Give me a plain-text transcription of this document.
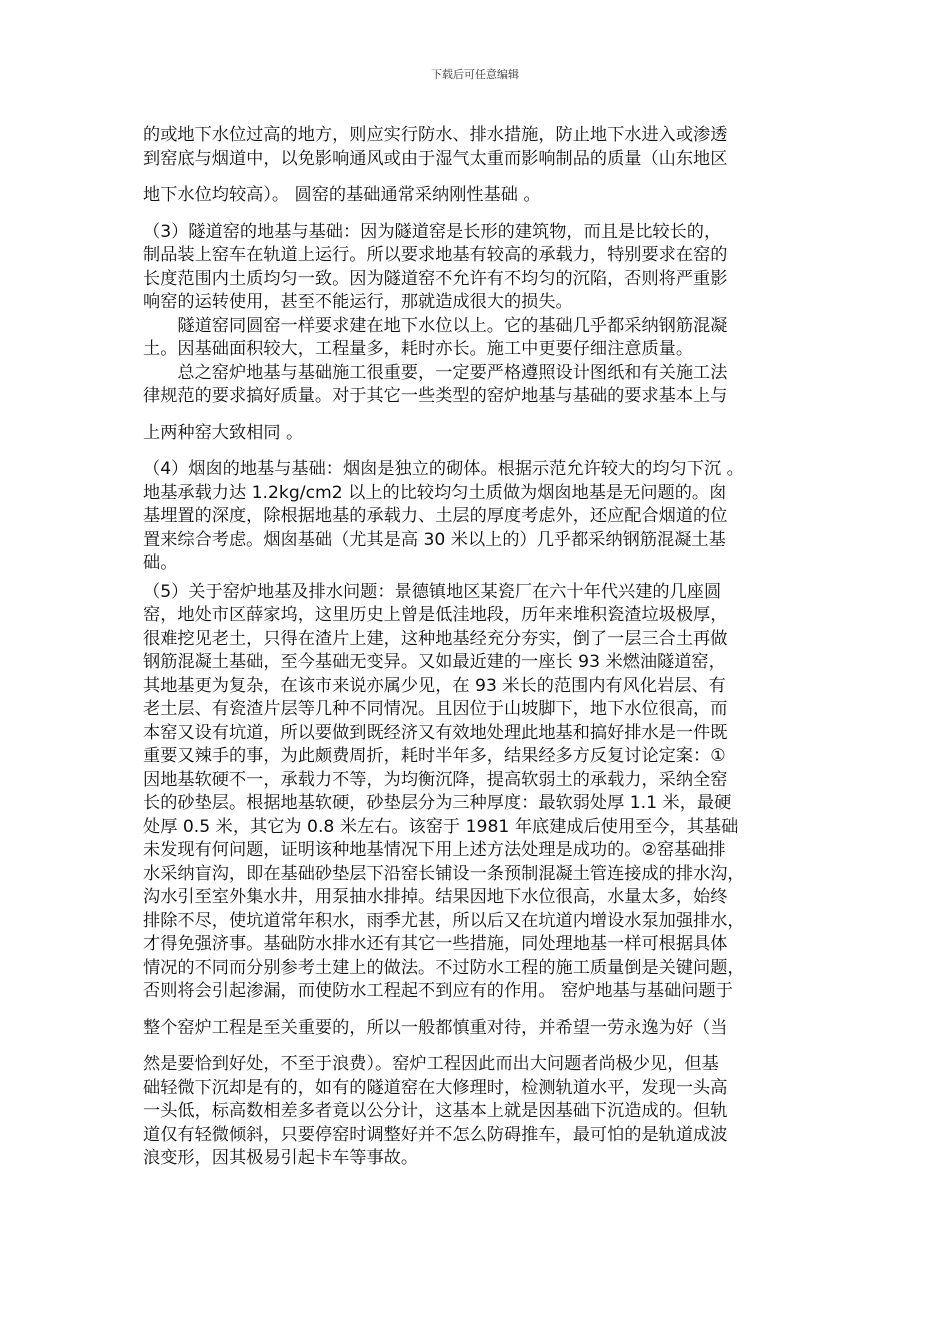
下载后可任意编辑
的或地下水位过高的地方，则应实行防水、排水措施，防止地下水进入或渗透
到窑底与烟道中，以免影响通风或由于湿气太重而影响制品的质量（山东地区
地下水位均较高）。 圆窑的基础通常采纳刚性基础 。
（3）隧道窑的地基与基础：因为隧道窑是长形的建筑物，而且是比较长的，
制品装上窑车在轨道上运行。所以要求地基有较高的承载力，特别要求在窑的
长度范围内土质均匀一致。因为隧道窑不允许有不均匀的沉陷，否则将严重影
响窑的运转使用，甚至不能运行，那就造成很大的损失。
　　隧道窑同圆窑一样要求建在地下水位以上。它的基础几乎都采纳钢筋混凝
土。因基础面积较大，工程量多，耗时亦长。施工中更要仔细注意质量。
　　总之窑炉地基与基础施工很重要，一定要严格遵照设计图纸和有关施工法
律规范的要求搞好质量。对于其它一些类型的窑炉地基与基础的要求基本上与
上两种窑大致相同 。
（4）烟囱的地基与基础：烟囱是独立的砌体。根据示范允许较大的均匀下沉 。
地基承载力达 1.2kg/cm2 以上的比较均匀土质做为烟囱地基是无问题的。囱
基埋置的深度，除根据地基的承载力、土层的厚度考虑外，还应配合烟道的位
置来综合考虑。烟囱基础（尤其是高 30 米以上的）几乎都采纳钢筋混凝土基
础。
（5）关于窑炉地基及排水问题：景德镇地区某瓷厂在六十年代兴建的几座圆
窑，地处市区薛家坞，这里历史上曾是低洼地段，历年来堆积瓷渣垃圾极厚，
很难挖见老土，只得在渣片上建，这种地基经充分夯实，倒了一层三合土再做
钢筋混凝土基础，至今基础无变异。又如最近建的一座长 93 米燃油隧道窑，
其地基更为复杂，在该市来说亦属少见，在 93 米长的范围内有风化岩层、有
老土层、有瓷渣片层等几种不同情况。且因位于山坡脚下，地下水位很高，而
本窑又设有坑道，所以要做到既经济又有效地处理此地基和搞好排水是一件既
重要又辣手的事，为此颇费周折，耗时半年多，结果经多方反复讨论定案：①
因地基软硬不一，承载力不等，为均衡沉降，提高软弱土的承载力，采纳全窑
长的砂垫层。根据地基软硬，砂垫层分为三种厚度：最软弱处厚 1.1 米，最硬
处厚 0.5 米，其它为 0.8 米左右。该窑于 1981 年底建成后使用至今，其基础
未发现有何问题，证明该种地基情况下用上述方法处理是成功的。②窑基础排
水采纳盲沟，即在基础砂垫层下沿窑长铺设一条预制混凝土管连接成的排水沟，
沟水引至室外集水井，用泵抽水排掉。结果因地下水位很高，水量太多，始终
排除不尽，使坑道常年积水，雨季尤甚，所以后又在坑道内增设水泵加强排水，
才得免强济事。基础防水排水还有其它一些措施，同处理地基一样可根据具体
情况的不同而分别参考土建上的做法。不过防水工程的施工质量倒是关键问题，
否则将会引起渗漏，而使防水工程起不到应有的作用。 窑炉地基与基础问题于
整个窑炉工程是至关重要的，所以一般都慎重对待，并希望一劳永逸为好（当
然是要恰到好处，不至于浪费）。窑炉工程因此而出大问题者尚极少见，但基
础轻微下沉却是有的，如有的隧道窑在大修理时，检测轨道水平，发现一头高
一头低，标高数相差多者竟以公分计，这基本上就是因基础下沉造成的。但轨
道仅有轻微倾斜，只要停窑时调整好并不怎么防碍推车，最可怕的是轨道成波
浪变形，因其极易引起卡车等事故。
